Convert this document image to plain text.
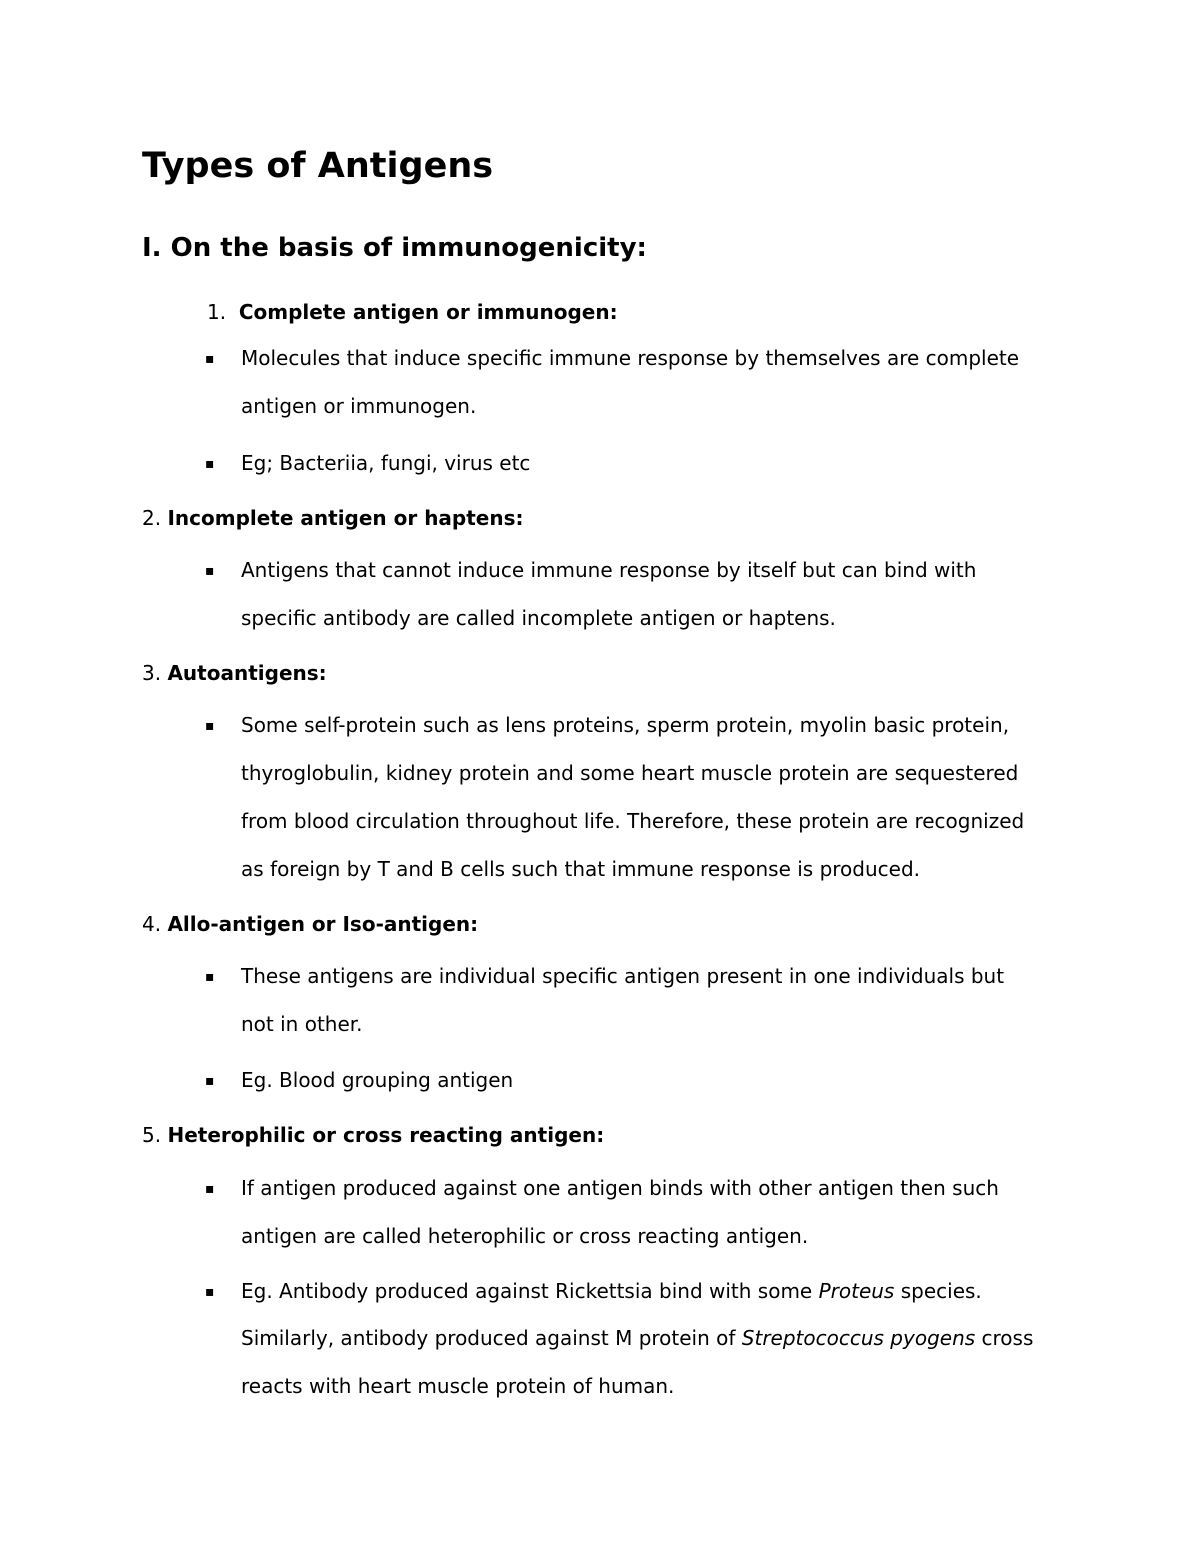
Types of Antigens
I. On the basis of immunogenicity:
1. Complete antigen or immunogen:
▪ Molecules that induce specific immune response by themselves are complete

antigen or immunogen.

▪ Eg; Bacteriia, fungi, virus etc

2. Incomplete antigen or haptens:
▪ Antigens that cannot induce immune response by itself but can bind with

specific antibody are called incomplete antigen or haptens.

3. Autoantigens:
▪ Some self-protein such as lens proteins, sperm protein, myolin basic protein,

thyroglobulin, kidney protein and some heart muscle protein are sequestered

from blood circulation throughout life. Therefore, these protein are recognized

as foreign by T and B cells such that immune response is produced.

4. Allo-antigen or Iso-antigen:
▪ These antigens are individual specific antigen present in one individuals but

not in other.

▪ Eg. Blood grouping antigen

5. Heterophilic or cross reacting antigen:
▪ If antigen produced against one antigen binds with other antigen then such

antigen are called heterophilic or cross reacting antigen.

▪ Eg. Antibody produced against Rickettsia bind with some Proteus species.

Similarly, antibody produced against M protein of Streptococcus pyogens cross

reacts with heart muscle protein of human.
